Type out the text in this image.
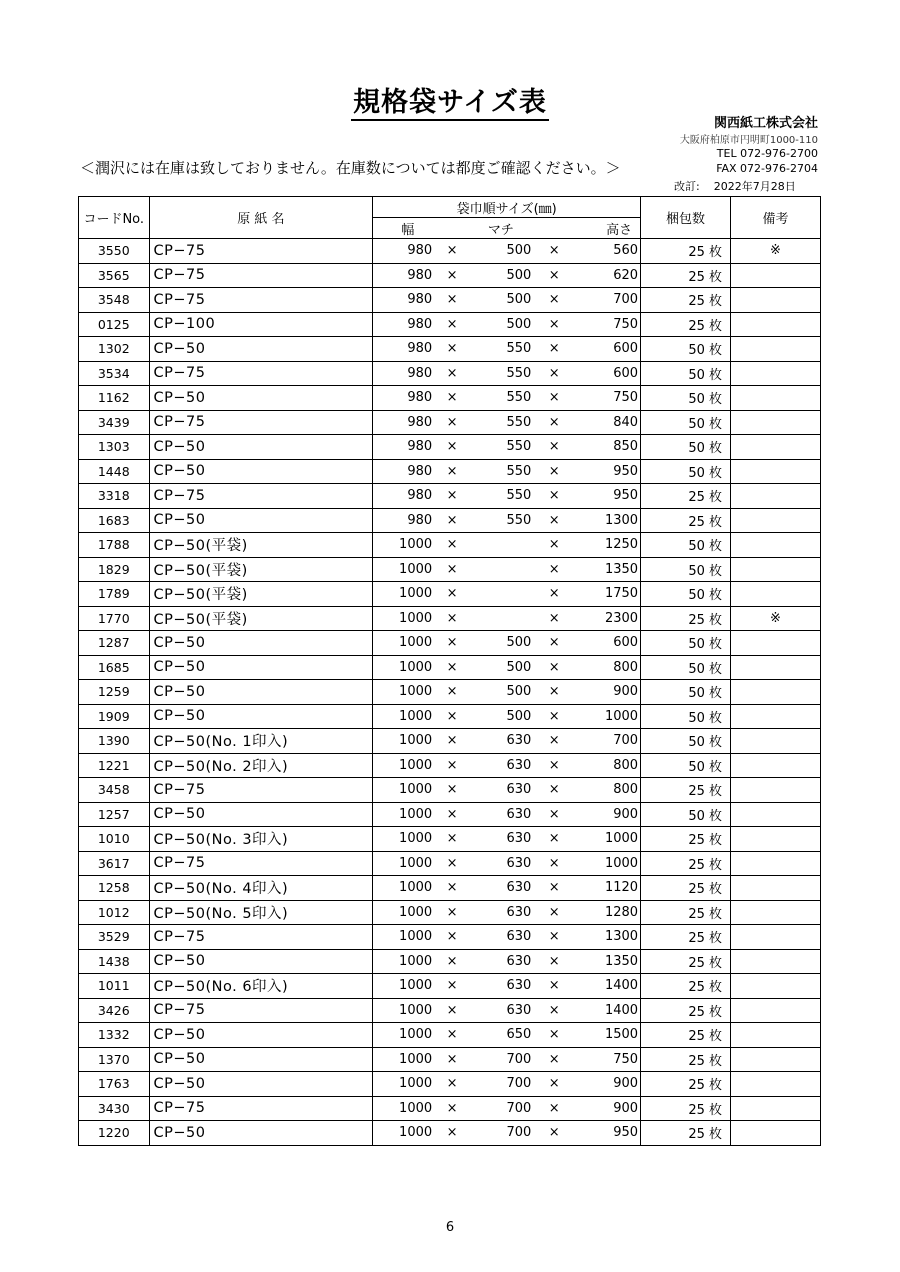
規格袋サイズ表
関西紙工株式会社
大阪府柏原市円明町1000-110
TEL 072-976-2700
FAX 072-976-2704
＜潤沢には在庫は致しておりません。在庫数については都度ご確認ください。＞
改訂: 2022年7月28日
コードNo.	原 紙 名	袋巾順サイズ(㎜)					梱包数	備考
		幅		マチ		高さ		
3550	CP−75	980	×	500	×	560	25 枚	※
3565	CP−75	980	×	500	×	620	25 枚	
3548	CP−75	980	×	500	×	700	25 枚	
0125	CP−100	980	×	500	×	750	25 枚	
1302	CP−50	980	×	550	×	600	50 枚	
3534	CP−75	980	×	550	×	600	50 枚	
1162	CP−50	980	×	550	×	750	50 枚	
3439	CP−75	980	×	550	×	840	50 枚	
1303	CP−50	980	×	550	×	850	50 枚	
1448	CP−50	980	×	550	×	950	50 枚	
3318	CP−75	980	×	550	×	950	25 枚	
1683	CP−50	980	×	550	×	1300	25 枚	
1788	CP−50(平袋)	1000	×		×	1250	50 枚	
1829	CP−50(平袋)	1000	×		×	1350	50 枚	
1789	CP−50(平袋)	1000	×		×	1750	50 枚	
1770	CP−50(平袋)	1000	×		×	2300	25 枚	※
1287	CP−50	1000	×	500	×	600	50 枚	
1685	CP−50	1000	×	500	×	800	50 枚	
1259	CP−50	1000	×	500	×	900	50 枚	
1909	CP−50	1000	×	500	×	1000	50 枚	
1390	CP−50(No. 1印入)	1000	×	630	×	700	50 枚	
1221	CP−50(No. 2印入)	1000	×	630	×	800	50 枚	
3458	CP−75	1000	×	630	×	800	25 枚	
1257	CP−50	1000	×	630	×	900	50 枚	
1010	CP−50(No. 3印入)	1000	×	630	×	1000	25 枚	
3617	CP−75	1000	×	630	×	1000	25 枚	
1258	CP−50(No. 4印入)	1000	×	630	×	1120	25 枚	
1012	CP−50(No. 5印入)	1000	×	630	×	1280	25 枚	
3529	CP−75	1000	×	630	×	1300	25 枚	
1438	CP−50	1000	×	630	×	1350	25 枚	
1011	CP−50(No. 6印入)	1000	×	630	×	1400	25 枚	
3426	CP−75	1000	×	630	×	1400	25 枚	
1332	CP−50	1000	×	650	×	1500	25 枚	
1370	CP−50	1000	×	700	×	750	25 枚	
1763	CP−50	1000	×	700	×	900	25 枚	
3430	CP−75	1000	×	700	×	900	25 枚	
1220	CP−50	1000	×	700	×	950	25 枚	
6
